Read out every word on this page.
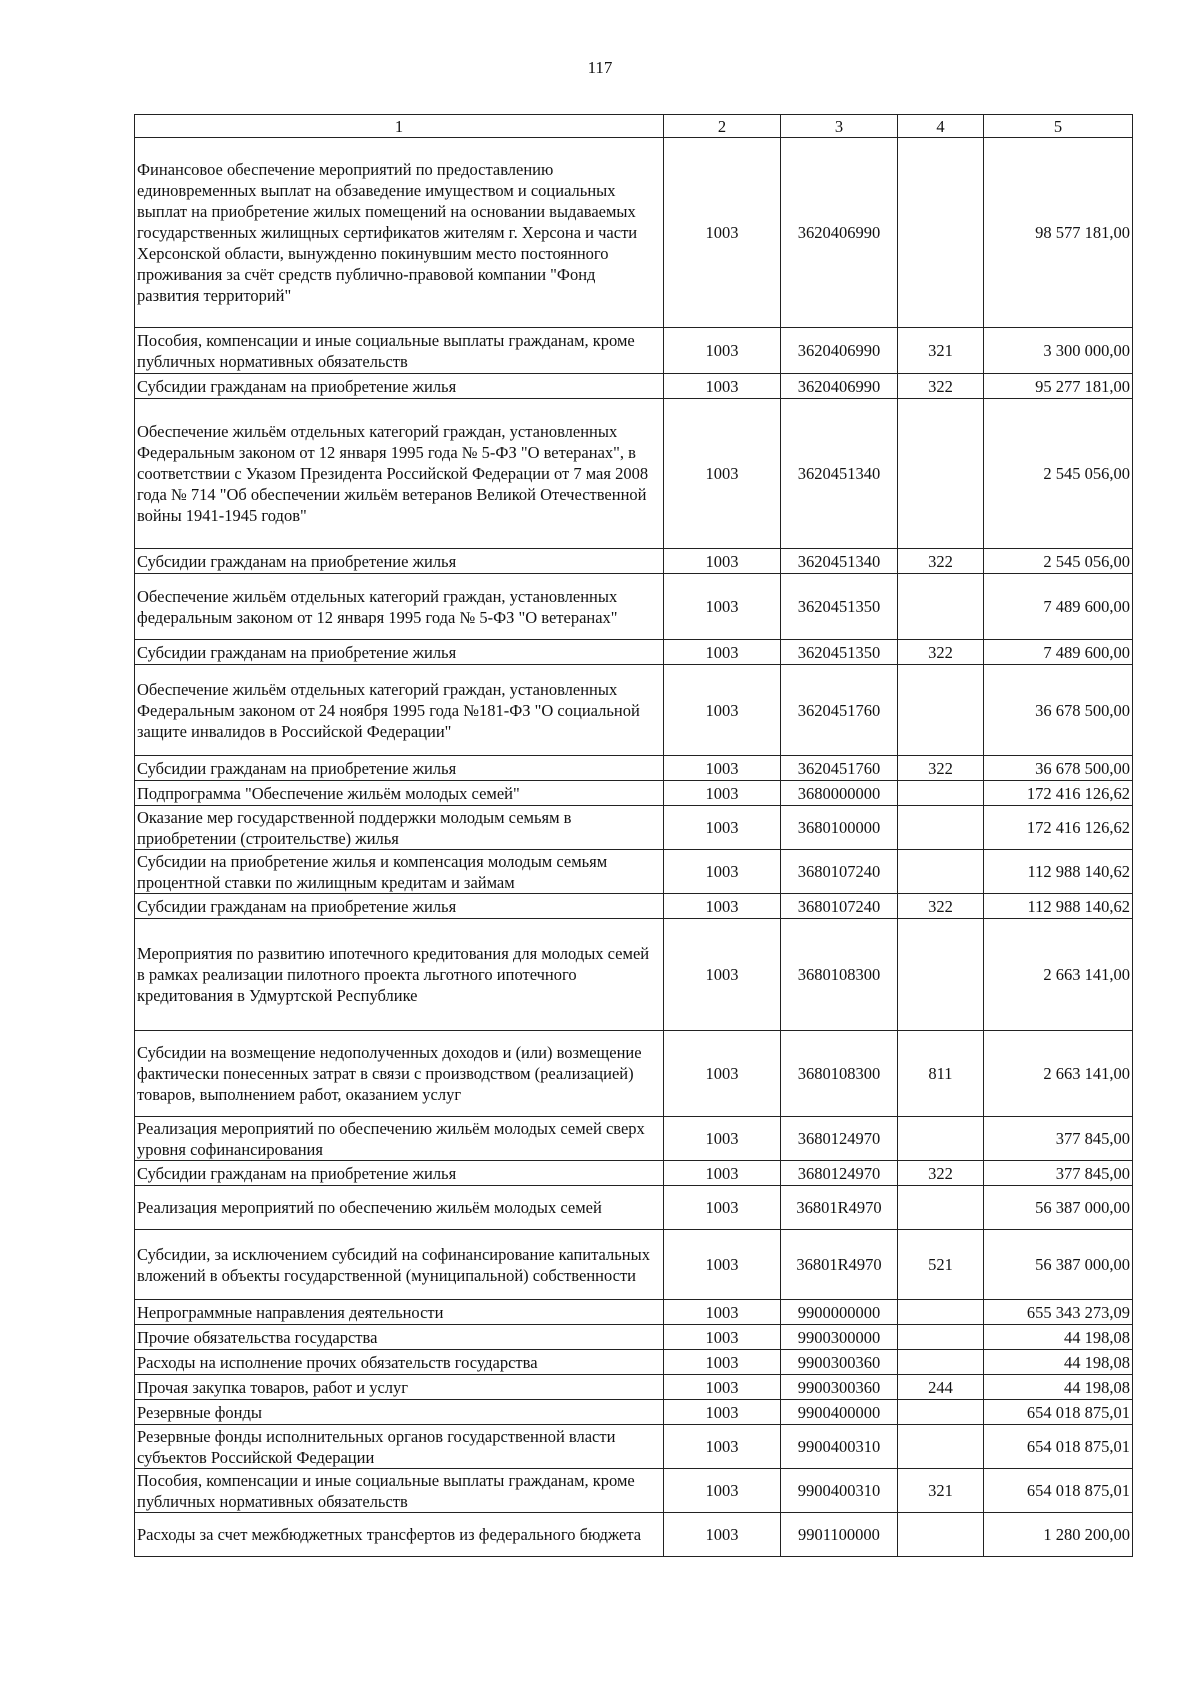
117
1	2	3	4	5
Финансовое обеспечение мероприятий по предоставлению единовременных выплат на обзаведение имуществом и социальных выплат на приобретение жилых помещений на основании выдаваемых государственных жилищных сертификатов жителям г. Херсона и части Херсонской области, вынужденно покинувшим место постоянного проживания за счёт средств публично-правовой компании "Фонд развития территорий"	1003	3620406990		98 577 181,00
Пособия, компенсации и иные социальные выплаты гражданам, кроме публичных нормативных обязательств	1003	3620406990	321	3 300 000,00
Субсидии гражданам на приобретение жилья	1003	3620406990	322	95 277 181,00
Обеспечение жильём отдельных категорий граждан, установленных Федеральным законом от 12 января 1995 года № 5-ФЗ "О ветеранах", в соответствии с Указом Президента Российской Федерации от 7 мая 2008 года № 714 "Об обеспечении жильём ветеранов Великой Отечественной войны 1941-1945 годов"	1003	3620451340		2 545 056,00
Субсидии гражданам на приобретение жилья	1003	3620451340	322	2 545 056,00
Обеспечение жильём отдельных категорий граждан, установленных федеральным законом от 12 января 1995 года № 5-ФЗ "О ветеранах"	1003	3620451350		7 489 600,00
Субсидии гражданам на приобретение жилья	1003	3620451350	322	7 489 600,00
Обеспечение жильём отдельных категорий граждан, установленных Федеральным законом от 24 ноября 1995 года №181-ФЗ "О социальной защите инвалидов в Российской Федерации"	1003	3620451760		36 678 500,00
Субсидии гражданам на приобретение жилья	1003	3620451760	322	36 678 500,00
Подпрограмма "Обеспечение жильём молодых семей"	1003	3680000000		172 416 126,62
Оказание мер государственной поддержки молодым семьям в приобретении (строительстве) жилья	1003	3680100000		172 416 126,62
Субсидии на приобретение жилья и компенсация молодым семьям процентной ставки по жилищным кредитам и займам	1003	3680107240		112 988 140,62
Субсидии гражданам на приобретение жилья	1003	3680107240	322	112 988 140,62
Мероприятия по развитию ипотечного кредитования для молодых семей в рамках реализации пилотного проекта льготного ипотечного кредитования в Удмуртской Республике	1003	3680108300		2 663 141,00
Субсидии на возмещение недополученных доходов и (или) возмещение фактически понесенных затрат в связи с производством (реализацией) товаров, выполнением работ, оказанием услуг	1003	3680108300	811	2 663 141,00
Реализация мероприятий по обеспечению жильём молодых семей сверх уровня софинансирования	1003	3680124970		377 845,00
Субсидии гражданам на приобретение жилья	1003	3680124970	322	377 845,00
Реализация мероприятий по обеспечению жильём молодых семей	1003	36801R4970		56 387 000,00
Субсидии, за исключением субсидий на софинансирование капитальных вложений в объекты государственной (муниципальной) собственности	1003	36801R4970	521	56 387 000,00
Непрограммные направления деятельности	1003	9900000000		655 343 273,09
Прочие обязательства государства	1003	9900300000		44 198,08
Расходы на исполнение прочих обязательств государства	1003	9900300360		44 198,08
Прочая закупка товаров, работ и услуг	1003	9900300360	244	44 198,08
Резервные фонды	1003	9900400000		654 018 875,01
Резервные фонды исполнительных органов государственной власти субъектов Российской Федерации	1003	9900400310		654 018 875,01
Пособия, компенсации и иные социальные выплаты гражданам, кроме публичных нормативных обязательств	1003	9900400310	321	654 018 875,01
Расходы за счет межбюджетных трансфертов из федерального бюджета	1003	9901100000		1 280 200,00
